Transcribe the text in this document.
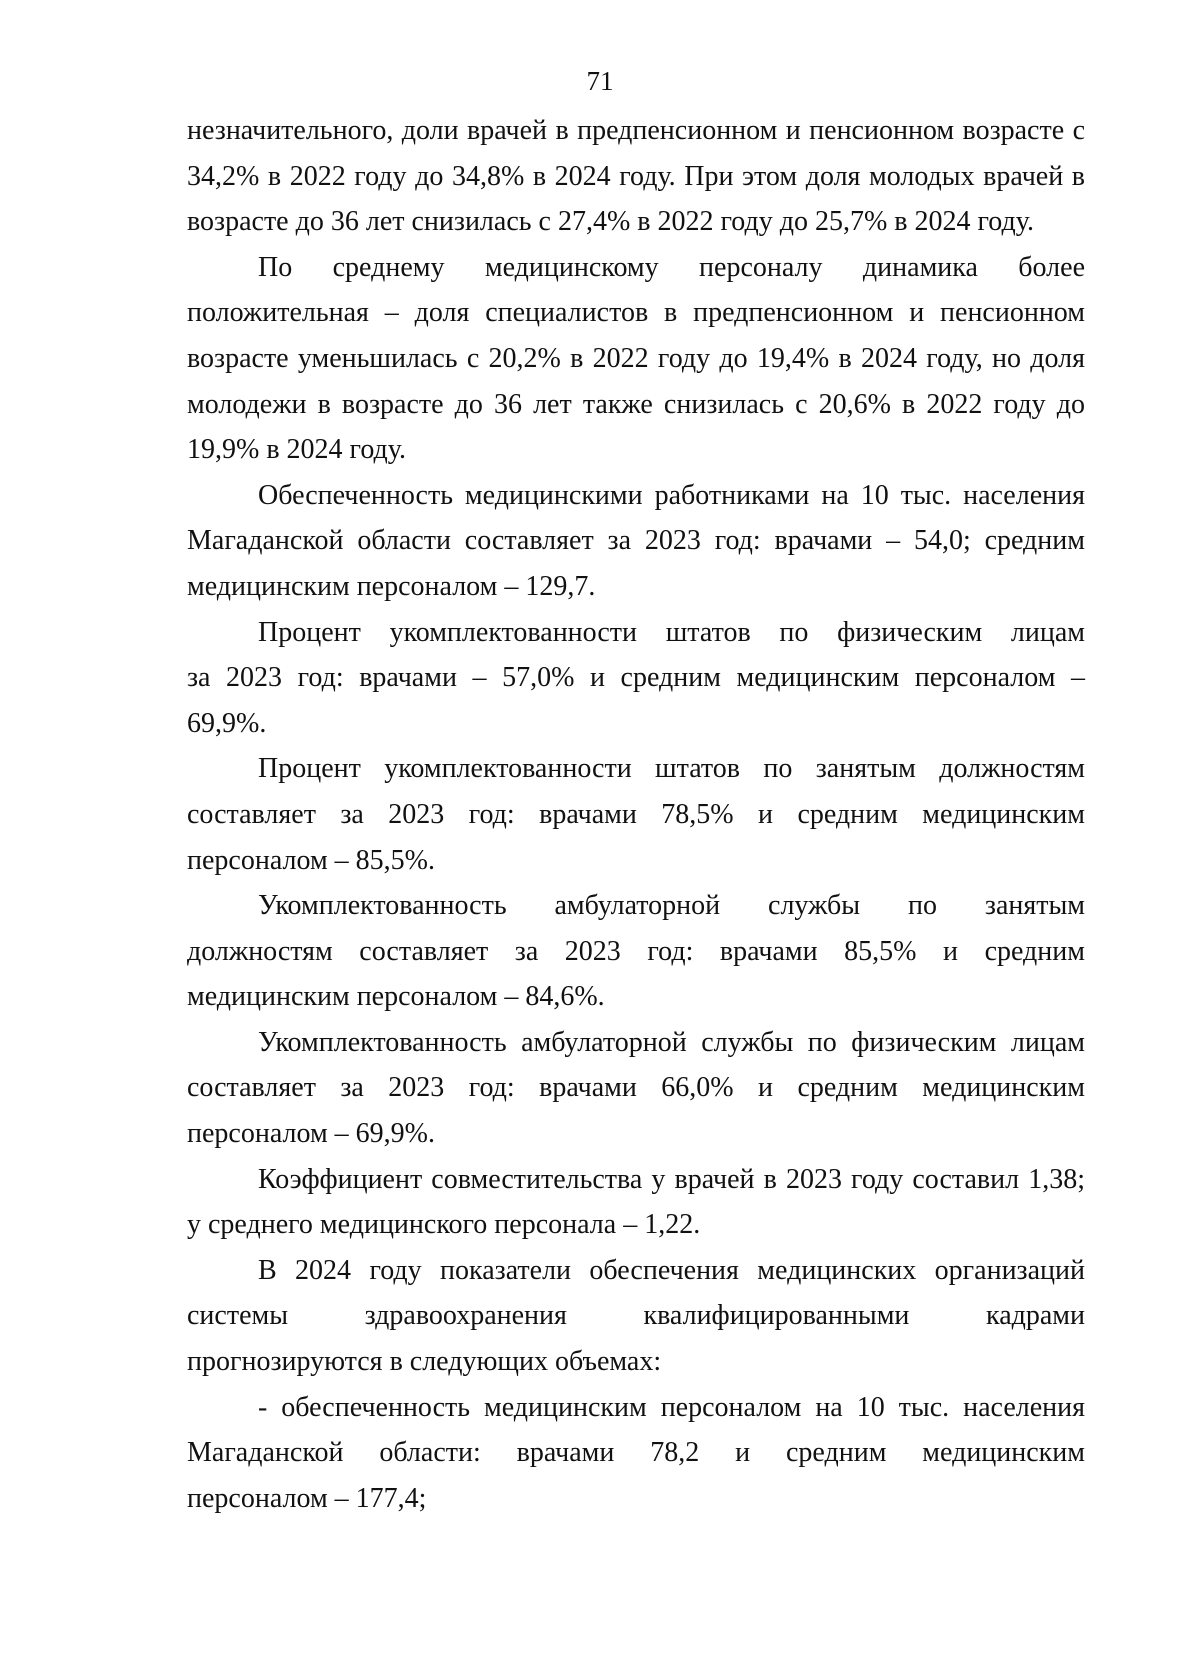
71

незначительного, доли врачей в предпенсионном и пенсионном возрасте с
34,2% в 2022 году до 34,8% в 2024 году. При этом доля молодых врачей в
возрасте до 36 лет снизилась с 27,4% в 2022 году до 25,7% в 2024 году.

По среднему медицинскому персоналу динамика более
положительная – доля специалистов в предпенсионном и пенсионном
возрасте уменьшилась с 20,2% в 2022 году до 19,4% в 2024 году, но доля
молодежи в возрасте до 36 лет также снизилась с 20,6% в 2022 году до
19,9% в 2024 году.

Обеспеченность медицинскими работниками на 10 тыс. населения
Магаданской области составляет за 2023 год: врачами – 54,0; средним
медицинским персоналом – 129,7.

Процент укомплектованности штатов по физическим лицам
за 2023 год: врачами – 57,0% и средним медицинским персоналом –
69,9%.

Процент укомплектованности штатов по занятым должностям
составляет за 2023 год: врачами 78,5% и средним медицинским
персоналом – 85,5%.

Укомплектованность амбулаторной службы по занятым
должностям составляет за 2023 год: врачами 85,5% и средним
медицинским персоналом – 84,6%.

Укомплектованность амбулаторной службы по физическим лицам
составляет за 2023 год: врачами 66,0% и средним медицинским
персоналом – 69,9%.

Коэффициент совместительства у врачей в 2023 году составил 1,38;
у среднего медицинского персонала – 1,22.

В 2024 году показатели обеспечения медицинских организаций
системы здравоохранения квалифицированными кадрами
прогнозируются в следующих объемах:

- обеспеченность медицинским персоналом на 10 тыс. населения
Магаданской области: врачами 78,2 и средним медицинским
персоналом – 177,4;
